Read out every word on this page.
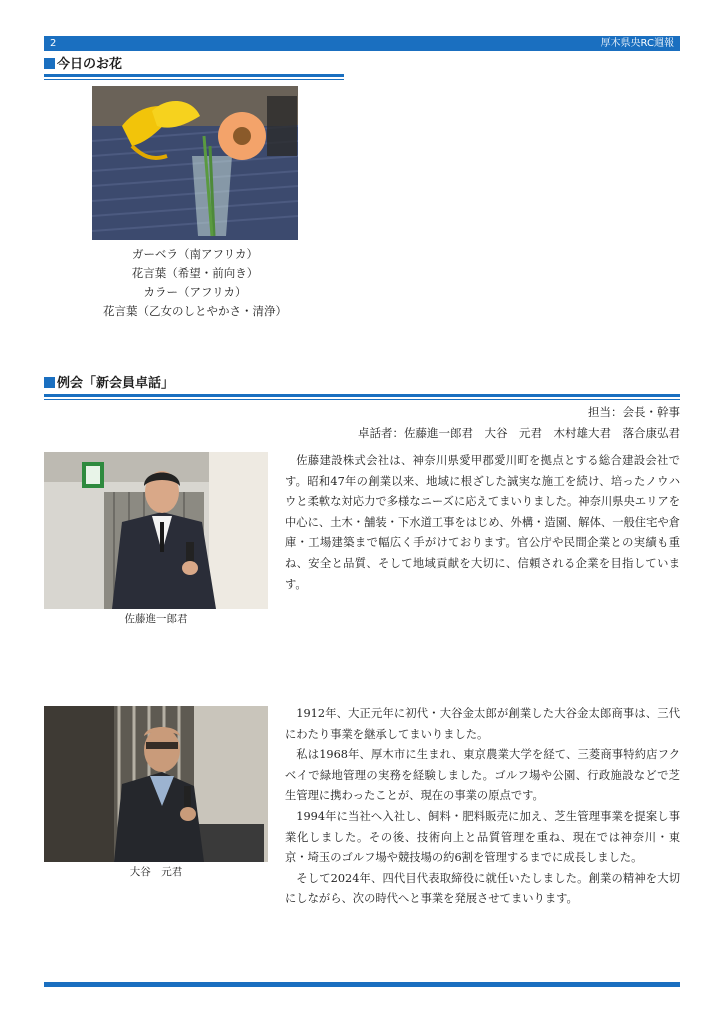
2	厚木県央RC週報
今日のお花
ガーベラ（南アフリカ）
花言葉（希望・前向き）
カラー（アフリカ）
花言葉（乙女のしとやかさ・清浄）
例会「新会員卓話」
担当：会長・幹事
卓話者：佐藤進一郎君　大谷　元君　木村雄大君　落合康弘君
佐藤進一郎君

佐藤建設株式会社は、神奈川県愛甲郡愛川町を拠点とする総合建設会社です。昭和47年の創業以来、地域に根ざした誠実な施工を続け、培ったノウハウと柔軟な対応力で多様なニーズに応えてまいりました。神奈川県央エリアを中心に、土木・舗装・下水道工事をはじめ、外構・造園、解体、一般住宅や倉庫・工場建築まで幅広く手がけております。官公庁や民間企業との実績も重ね、安全と品質、そして地域貢献を大切に、信頼される企業を目指しています。

大谷　元君

1912年、大正元年に初代・大谷金太郎が創業した大谷金太郎商事は、三代にわたり事業を継承してまいりました。

私は1968年、厚木市に生まれ、東京農業大学を経て、三菱商事特約店フクベイで緑地管理の実務を経験しました。ゴルフ場や公園、行政施設などで芝生管理に携わったことが、現在の事業の原点です。

1994年に当社へ入社し、飼料・肥料販売に加え、芝生管理事業を提案し事業化しました。その後、技術向上と品質管理を重ね、現在では神奈川・東京・埼玉のゴルフ場や競技場の約6割を管理するまでに成長しました。

そして2024年、四代目代表取締役に就任いたしました。創業の精神を大切にしながら、次の時代へと事業を発展させてまいります。
